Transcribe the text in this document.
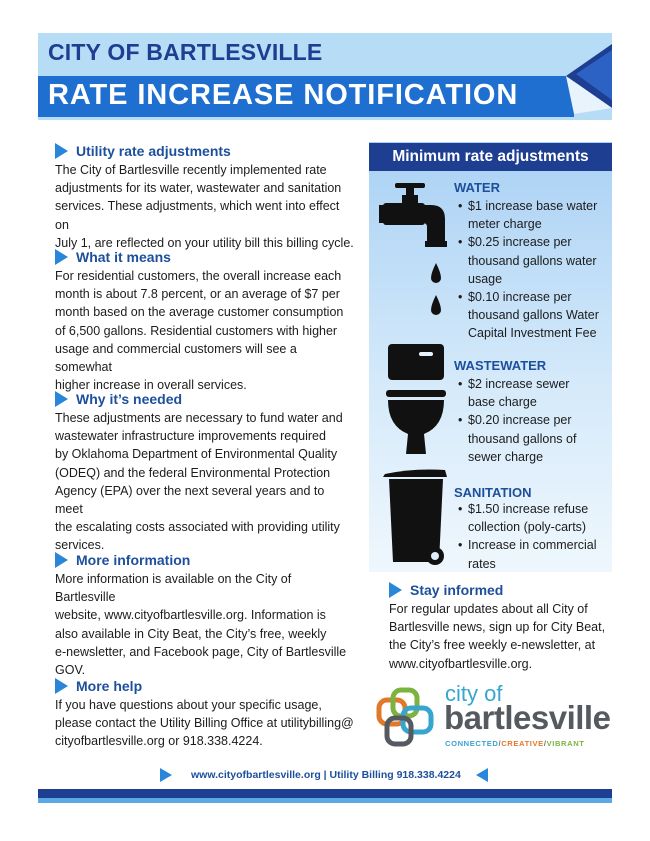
CITY OF BARTLESVILLE
RATE INCREASE NOTIFICATION
Utility rate adjustments
The City of Bartlesville recently implemented rate
adjustments for its water, wastewater and sanitation
services. These adjustments, which went into effect on
July 1, are reflected on your utility bill this billing cycle.
What it means
For residential customers, the overall increase each
month is about 7.8 percent, or an average of $7 per
month based on the average customer consumption
of 6,500 gallons. Residential customers with higher
usage and commercial customers will see a somewhat
higher increase in overall services.
Why it’s needed
These adjustments are necessary to fund water and
wastewater infrastructure improvements required
by Oklahoma Department of Environmental Quality
(ODEQ) and the federal Environmental Protection
Agency (EPA) over the next several years and to meet
the escalating costs associated with providing utility
services.
More information
More information is available on the City of Bartlesville
website, www.cityofbartlesville.org. Information is
also available in City Beat, the City’s free, weekly
e-newsletter, and Facebook page, City of Bartlesville
GOV.
More help
If you have questions about your specific usage,
please contact the Utility Billing Office at utilitybilling@
cityofbartlesville.org or 918.338.4224.
Minimum rate adjustments
WATER
• $1 increase base water
meter charge
• $0.25 increase per
thousand gallons water
usage
• $0.10 increase per
thousand gallons Water
Capital Investment Fee
WASTEWATER
• $2 increase sewer
base charge
• $0.20 increase per
thousand gallons of
sewer charge
SANITATION
• $1.50 increase refuse
collection (poly-carts)
• Increase in commercial
rates
Stay informed
For regular updates about all City of
Bartlesville news, sign up for City Beat,
the City’s free weekly e-newsletter, at
www.cityofbartlesville.org.
city of
bartlesville
CONNECTED/CREATIVE/VIBRANT
www.cityofbartlesville.org | Utility Billing 918.338.4224
